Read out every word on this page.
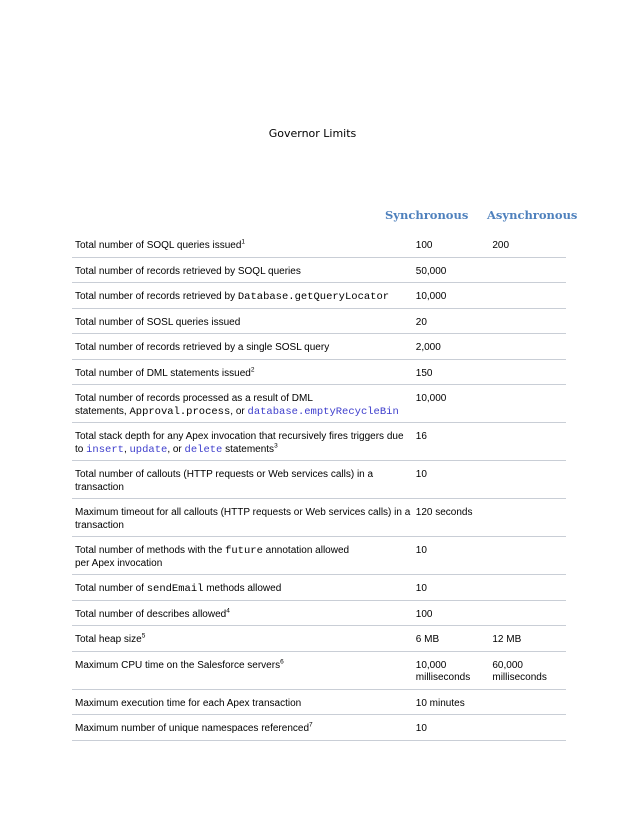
Governor Limits
Synchronous Asynchronous
Total number of SOQL queries issued$^1$	100	200
Total number of records retrieved by SOQL queries	50,000	
Total number of records retrieved by Database.getQueryLocator	10,000	
Total number of SOSL queries issued	20	
Total number of records retrieved by a single SOSL query	2,000	
Total number of DML statements issued$^2$	150	
Total number of records processed as a result of DML
statements, Approval.process, or database.emptyRecycleBin	10,000	
Total stack depth for any Apex invocation that recursively fires triggers due
to insert, update, or delete statements$^3$	16	
Total number of callouts (HTTP requests or Web services calls) in a transaction	10	
Maximum timeout for all callouts (HTTP requests or Web services calls) in a
transaction	120 seconds	
Total number of methods with the future annotation allowed
per Apex invocation	10	
Total number of sendEmail methods allowed	10	
Total number of describes allowed$^4$	100	
Total heap size$^5$	6 MB	12 MB
Maximum CPU time on the Salesforce servers$^6$	10,000 milliseconds	60,000 milliseconds
Maximum execution time for each Apex transaction	10 minutes	
Maximum number of unique namespaces referenced$^7$	10	
